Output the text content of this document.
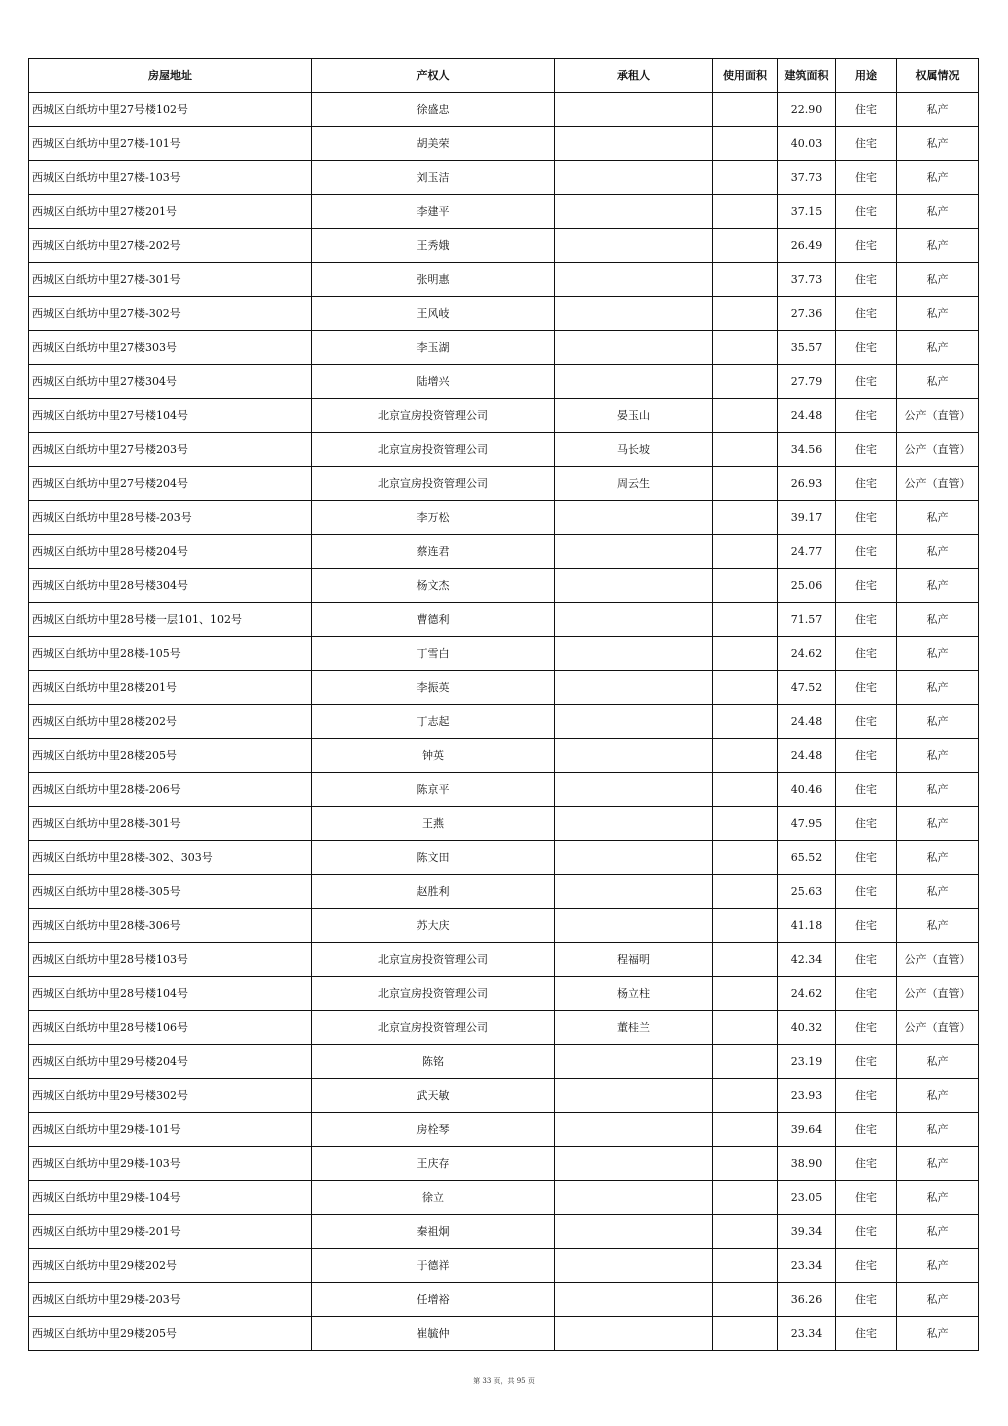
房屋地址	产权人	承租人	使用面积	建筑面积	用途	权属情况
西城区白纸坊中里27号楼102号	徐盛忠			22.90	住宅	私产
西城区白纸坊中里27楼-101号	胡美荣			40.03	住宅	私产
西城区白纸坊中里27楼-103号	刘玉洁			37.73	住宅	私产
西城区白纸坊中里27楼201号	李建平			37.15	住宅	私产
西城区白纸坊中里27楼-202号	王秀娥			26.49	住宅	私产
西城区白纸坊中里27楼-301号	张明惠			37.73	住宅	私产
西城区白纸坊中里27楼-302号	王风岐			27.36	住宅	私产
西城区白纸坊中里27楼303号	李玉湖			35.57	住宅	私产
西城区白纸坊中里27楼304号	陆增兴			27.79	住宅	私产
西城区白纸坊中里27号楼104号	北京宣房投资管理公司	晏玉山		24.48	住宅	公产（直管）
西城区白纸坊中里27号楼203号	北京宣房投资管理公司	马长坡		34.56	住宅	公产（直管）
西城区白纸坊中里27号楼204号	北京宣房投资管理公司	周云生		26.93	住宅	公产（直管）
西城区白纸坊中里28号楼-203号	李万松			39.17	住宅	私产
西城区白纸坊中里28号楼204号	蔡连君			24.77	住宅	私产
西城区白纸坊中里28号楼304号	杨文杰			25.06	住宅	私产
西城区白纸坊中里28号楼一层101、102号	曹德利			71.57	住宅	私产
西城区白纸坊中里28楼-105号	丁雪白			24.62	住宅	私产
西城区白纸坊中里28楼201号	李振英			47.52	住宅	私产
西城区白纸坊中里28楼202号	丁志起			24.48	住宅	私产
西城区白纸坊中里28楼205号	钟英			24.48	住宅	私产
西城区白纸坊中里28楼-206号	陈京平			40.46	住宅	私产
西城区白纸坊中里28楼-301号	王燕			47.95	住宅	私产
西城区白纸坊中里28楼-302、303号	陈文田			65.52	住宅	私产
西城区白纸坊中里28楼-305号	赵胜利			25.63	住宅	私产
西城区白纸坊中里28楼-306号	苏大庆			41.18	住宅	私产
西城区白纸坊中里28号楼103号	北京宣房投资管理公司	程福明		42.34	住宅	公产（直管）
西城区白纸坊中里28号楼104号	北京宣房投资管理公司	杨立柱		24.62	住宅	公产（直管）
西城区白纸坊中里28号楼106号	北京宣房投资管理公司	董桂兰		40.32	住宅	公产（直管）
西城区白纸坊中里29号楼204号	陈铭			23.19	住宅	私产
西城区白纸坊中里29号楼302号	武天敏			23.93	住宅	私产
西城区白纸坊中里29楼-101号	房栓琴			39.64	住宅	私产
西城区白纸坊中里29楼-103号	王庆存			38.90	住宅	私产
西城区白纸坊中里29楼-104号	徐立			23.05	住宅	私产
西城区白纸坊中里29楼-201号	秦祖炯			39.34	住宅	私产
西城区白纸坊中里29楼202号	于德祥			23.34	住宅	私产
西城区白纸坊中里29楼-203号	任增裕			36.26	住宅	私产
西城区白纸坊中里29楼205号	崔毓仲			23.34	住宅	私产
第 33 页，共 95 页
